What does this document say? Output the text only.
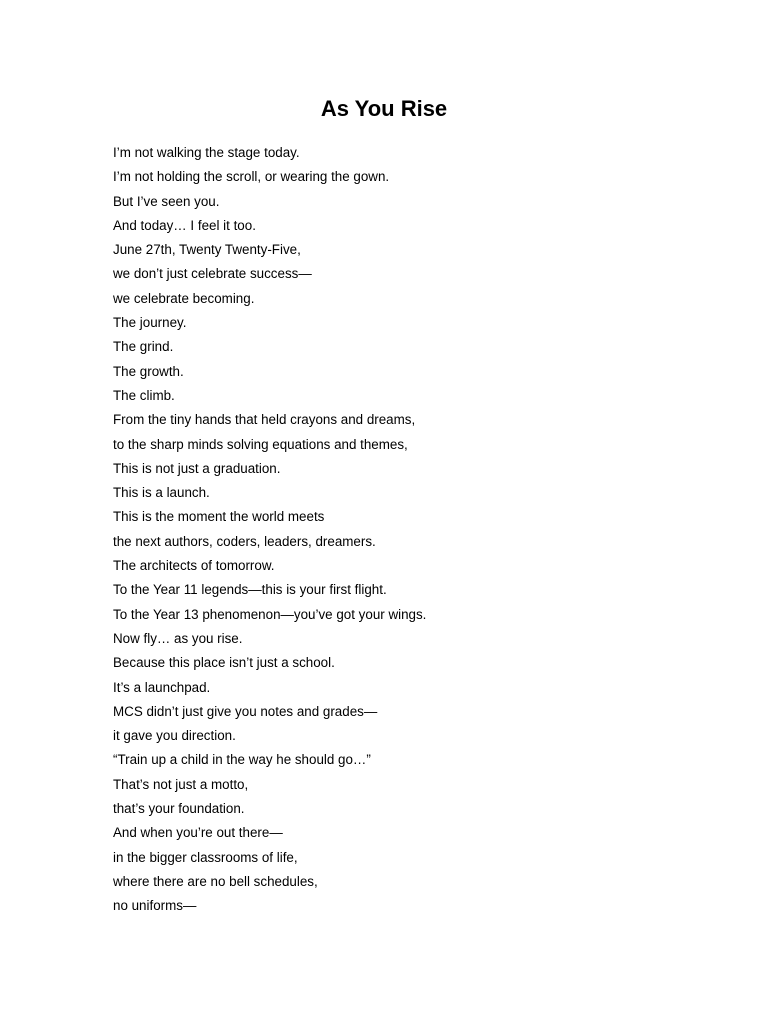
As You Rise
I’m not walking the stage today.
I’m not holding the scroll, or wearing the gown.
But I’ve seen you.
And today… I feel it too.
June 27th, Twenty Twenty-Five,
we don’t just celebrate success—
we celebrate becoming.
The journey.
The grind.
The growth.
The climb.
From the tiny hands that held crayons and dreams,
to the sharp minds solving equations and themes,
This is not just a graduation.
This is a launch.
This is the moment the world meets
the next authors, coders, leaders, dreamers.
The architects of tomorrow.
To the Year 11 legends—this is your first flight.
To the Year 13 phenomenon—you’ve got your wings.
Now fly… as you rise.
Because this place isn’t just a school.
It’s a launchpad.
MCS didn’t just give you notes and grades—
it gave you direction.
“Train up a child in the way he should go…”
That’s not just a motto,
that’s your foundation.
And when you’re out there—
in the bigger classrooms of life,
where there are no bell schedules,
no uniforms—
